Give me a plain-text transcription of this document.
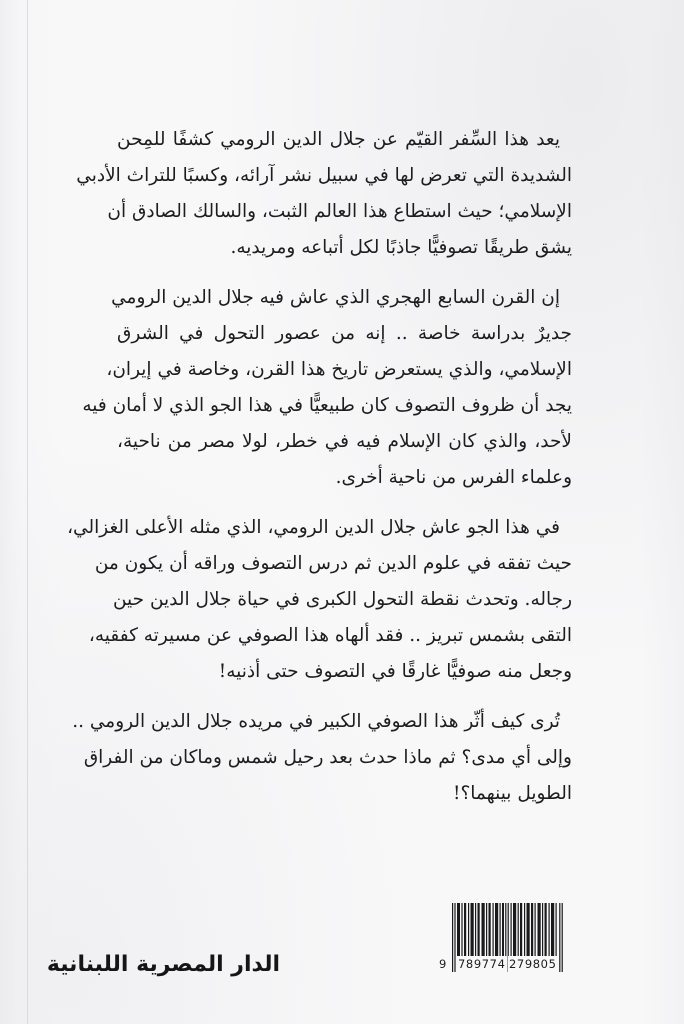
يعد هذا السِّفر القيّم عن جلال الدين الرومي كشفًا للمِحن
الشديدة التي تعرض لها في سبيل نشر آرائه، وكسبًا للتراث الأدبي
الإسلامي؛ حيث استطاع هذا العالم الثبت، والسالك الصادق أن
يشق طريقًا تصوفيًّا جاذبًا لكل أتباعه ومريديه.
إن القرن السابع الهجري الذي عاش فيه جلال الدين الرومي
جديرٌ بدراسة خاصة .. إنه من عصور التحول في الشرق
الإسلامي، والذي يستعرض تاريخ هذا القرن، وخاصة في إيران،
يجد أن ظروف التصوف كان طبيعيًّا في هذا الجو الذي لا أمان فيه
لأحد، والذي كان الإسلام فيه في خطر، لولا مصر من ناحية،
وعلماء الفرس من ناحية أخرى.
في هذا الجو عاش جلال الدين الرومي، الذي مثله الأعلى الغزالي،
حيث تفقه في علوم الدين ثم درس التصوف وراقه أن يكون من
رجاله. وتحدث نقطة التحول الكبرى في حياة جلال الدين حين
التقى بشمس تبريز .. فقد ألهاه هذا الصوفي عن مسيرته كفقيه،
وجعل منه صوفيًّا غارقًا في التصوف حتى أذنيه!
تُرى كيف أثّر هذا الصوفي الكبير في مريده جلال الدين الرومي ..
وإلى أي مدى؟ ثم ماذا حدث بعد رحيل شمس وماكان من الفراق
الطويل بينهما؟!
الدار المصرية اللبنانية	9 789774 279805
